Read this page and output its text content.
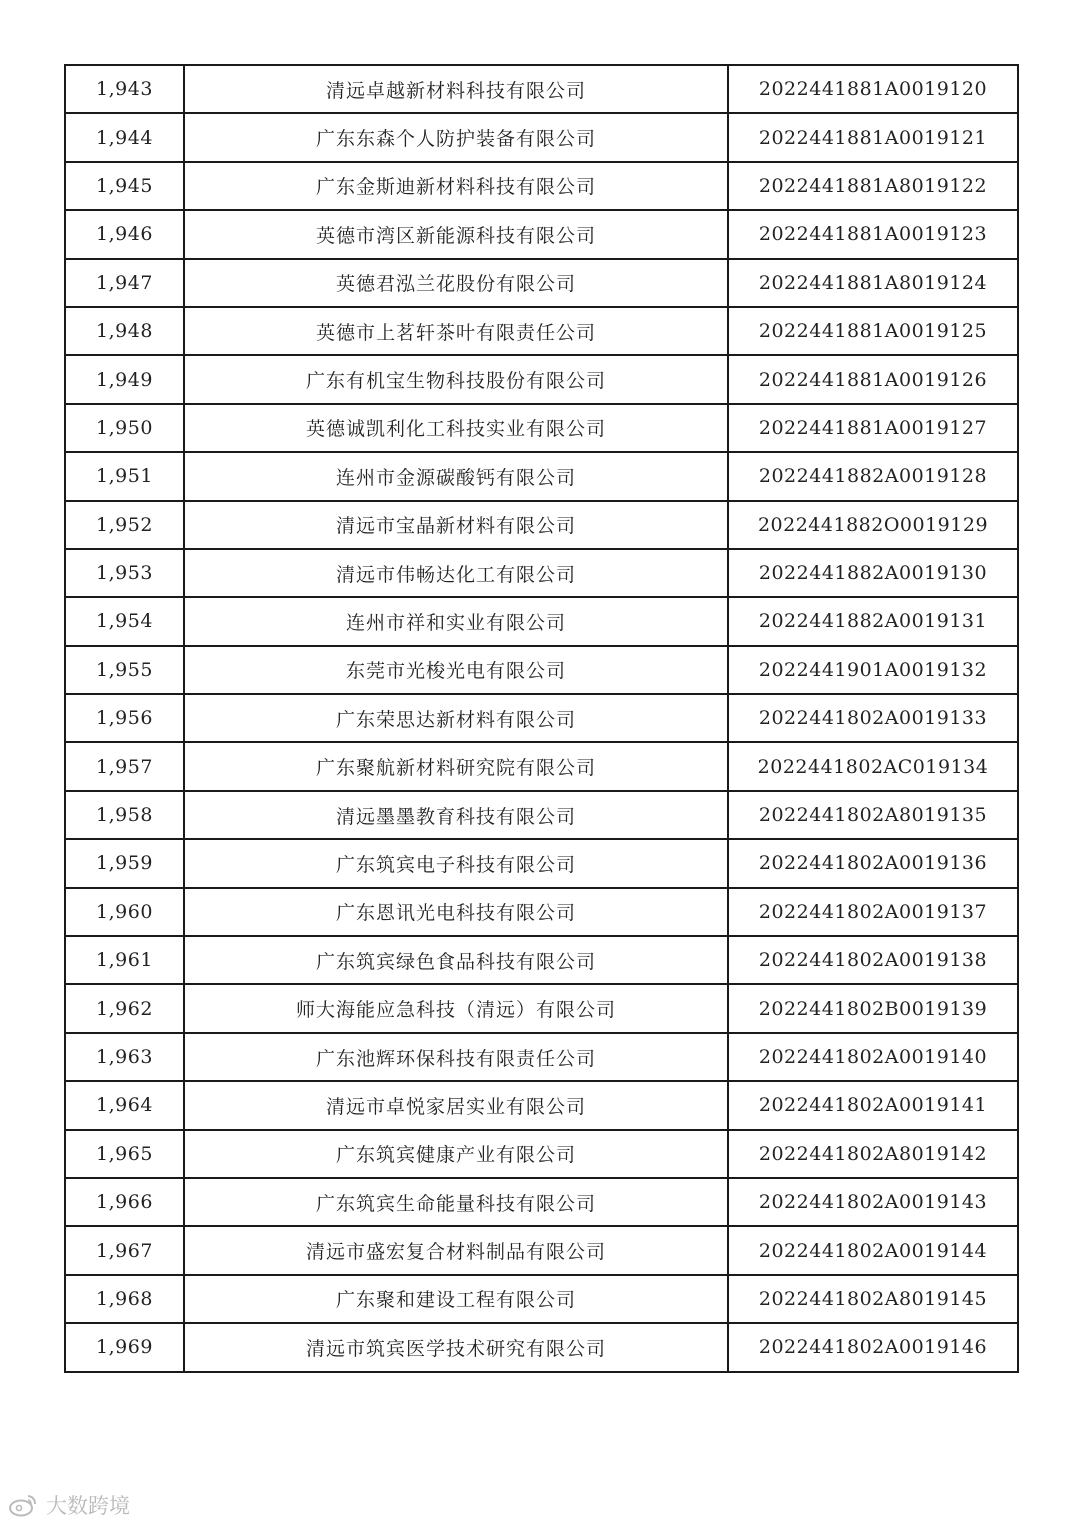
1,943	清远卓越新材料科技有限公司	2022441881A0019120
1,944	广东东森个人防护装备有限公司	2022441881A0019121
1,945	广东金斯迪新材料科技有限公司	2022441881A8019122
1,946	英德市湾区新能源科技有限公司	2022441881A0019123
1,947	英德君泓兰花股份有限公司	2022441881A8019124
1,948	英德市上茗轩茶叶有限责任公司	2022441881A0019125
1,949	广东有机宝生物科技股份有限公司	2022441881A0019126
1,950	英德诚凯利化工科技实业有限公司	2022441881A0019127
1,951	连州市金源碳酸钙有限公司	2022441882A0019128
1,952	清远市宝晶新材料有限公司	2022441882O0019129
1,953	清远市伟畅达化工有限公司	2022441882A0019130
1,954	连州市祥和实业有限公司	2022441882A0019131
1,955	东莞市光梭光电有限公司	2022441901A0019132
1,956	广东荣思达新材料有限公司	2022441802A0019133
1,957	广东聚航新材料研究院有限公司	2022441802AC019134
1,958	清远墨墨教育科技有限公司	2022441802A8019135
1,959	广东筑宾电子科技有限公司	2022441802A0019136
1,960	广东恩讯光电科技有限公司	2022441802A0019137
1,961	广东筑宾绿色食品科技有限公司	2022441802A0019138
1,962	师大海能应急科技（清远）有限公司	2022441802B0019139
1,963	广东池辉环保科技有限责任公司	2022441802A0019140
1,964	清远市卓悦家居实业有限公司	2022441802A0019141
1,965	广东筑宾健康产业有限公司	2022441802A8019142
1,966	广东筑宾生命能量科技有限公司	2022441802A0019143
1,967	清远市盛宏复合材料制品有限公司	2022441802A0019144
1,968	广东聚和建设工程有限公司	2022441802A8019145
1,969	清远市筑宾医学技术研究有限公司	2022441802A0019146
大数跨境
